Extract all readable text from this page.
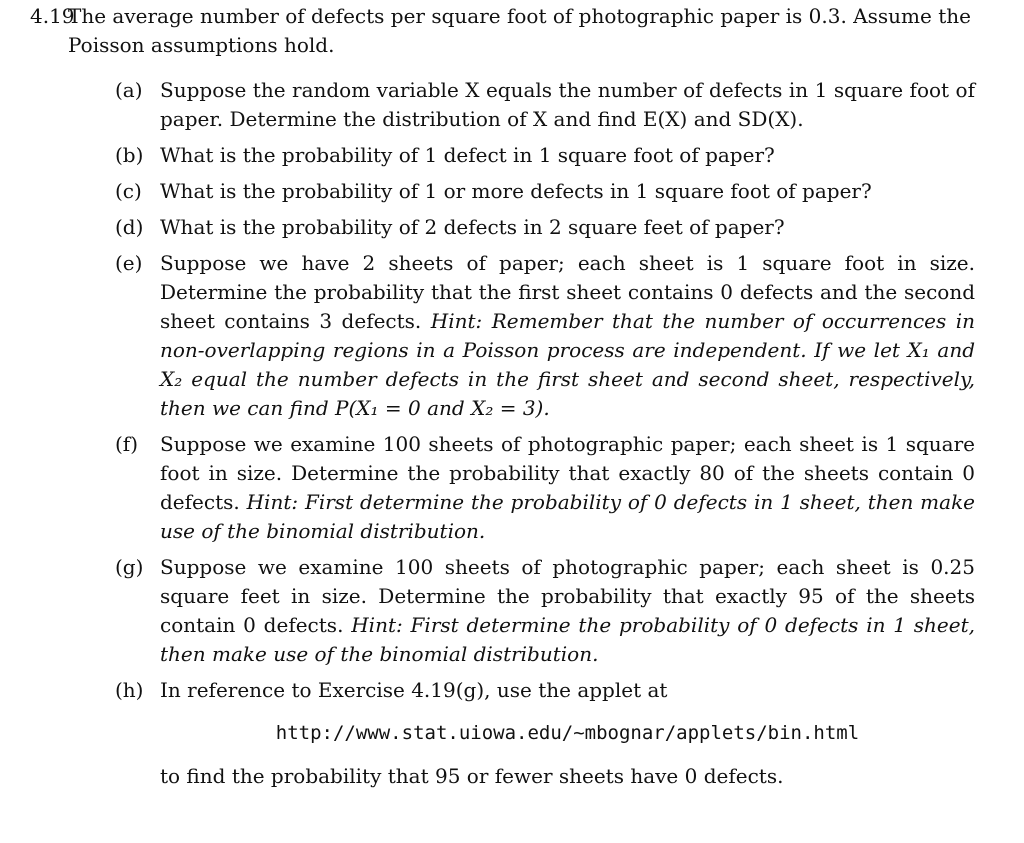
4.19The average number of defects per square foot of photographic paper is 0.3. Assume the
Poisson assumptions hold.
(a) Suppose the random variable X equals the number of defects in 1 square foot of paper. Determine the distribution of X and find E(X) and SD(X).
(b) What is the probability of 1 defect in 1 square foot of paper?
(c) What is the probability of 1 or more defects in 1 square foot of paper?
(d) What is the probability of 2 defects in 2 square feet of paper?
(e) Suppose we have 2 sheets of paper; each sheet is 1 square foot in size. Determine the probability that the first sheet contains 0 defects and the second sheet contains 3 defects. Hint: Remember that the number of occurrences in non-overlapping regions in a Poisson process are independent. If we let X₁ and X₂ equal the number defects in the first sheet and second sheet, respectively, then we can find P(X₁ = 0 and X₂ = 3).
(f) Suppose we examine 100 sheets of photographic paper; each sheet is 1 square foot in size. Determine the probability that exactly 80 of the sheets contain 0 defects. Hint: First determine the probability of 0 defects in 1 sheet, then make use of the binomial distribution.
(g) Suppose we examine 100 sheets of photographic paper; each sheet is 0.25 square feet in size. Determine the probability that exactly 95 of the sheets contain 0 defects. Hint: First determine the probability of 0 defects in 1 sheet, then make use of the binomial distribution.
(h) In reference to Exercise 4.19(g), use the applet at
http://www.stat.uiowa.edu/~mbognar/applets/bin.html
to find the probability that 95 or fewer sheets have 0 defects.
